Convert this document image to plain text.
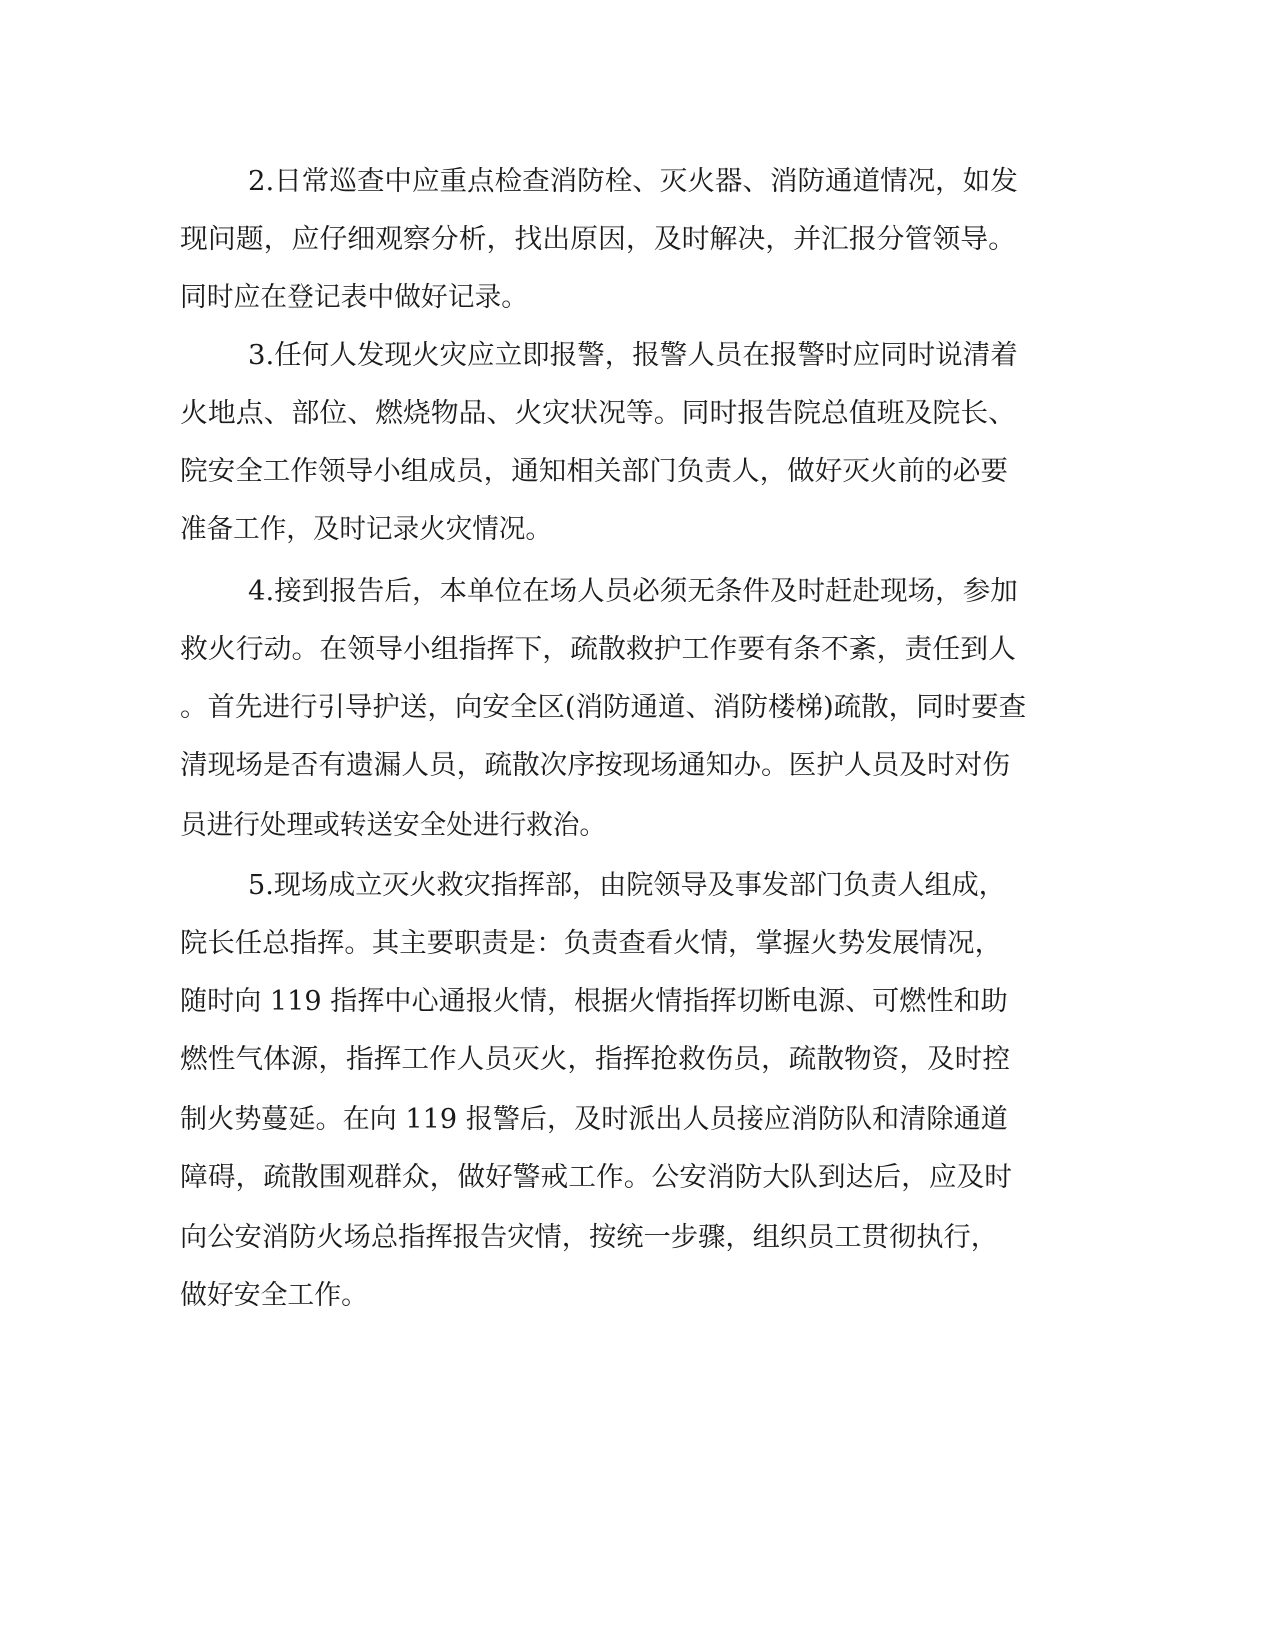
2.日常巡查中应重点检查消防栓、灭火器、消防通道情况，如发
现问题，应仔细观察分析，找出原因，及时解决，并汇报分管领导。
同时应在登记表中做好记录。
3.任何人发现火灾应立即报警，报警人员在报警时应同时说清着
火地点、部位、燃烧物品、火灾状况等。同时报告院总值班及院长、
院安全工作领导小组成员，通知相关部门负责人，做好灭火前的必要
准备工作，及时记录火灾情况。
4.接到报告后，本单位在场人员必须无条件及时赶赴现场，参加
救火行动。在领导小组指挥下，疏散救护工作要有条不紊，责任到人
。首先进行引导护送，向安全区(消防通道、消防楼梯)疏散，同时要查
清现场是否有遗漏人员，疏散次序按现场通知办。医护人员及时对伤
员进行处理或转送安全处进行救治。
5.现场成立灭火救灾指挥部，由院领导及事发部门负责人组成，
院长任总指挥。其主要职责是：负责查看火情，掌握火势发展情况，
随时向 119 指挥中心通报火情，根据火情指挥切断电源、可燃性和助
燃性气体源，指挥工作人员灭火，指挥抢救伤员，疏散物资，及时控
制火势蔓延。在向 119 报警后，及时派出人员接应消防队和清除通道
障碍，疏散围观群众，做好警戒工作。公安消防大队到达后，应及时
向公安消防火场总指挥报告灾情，按统一步骤，组织员工贯彻执行，
做好安全工作。
